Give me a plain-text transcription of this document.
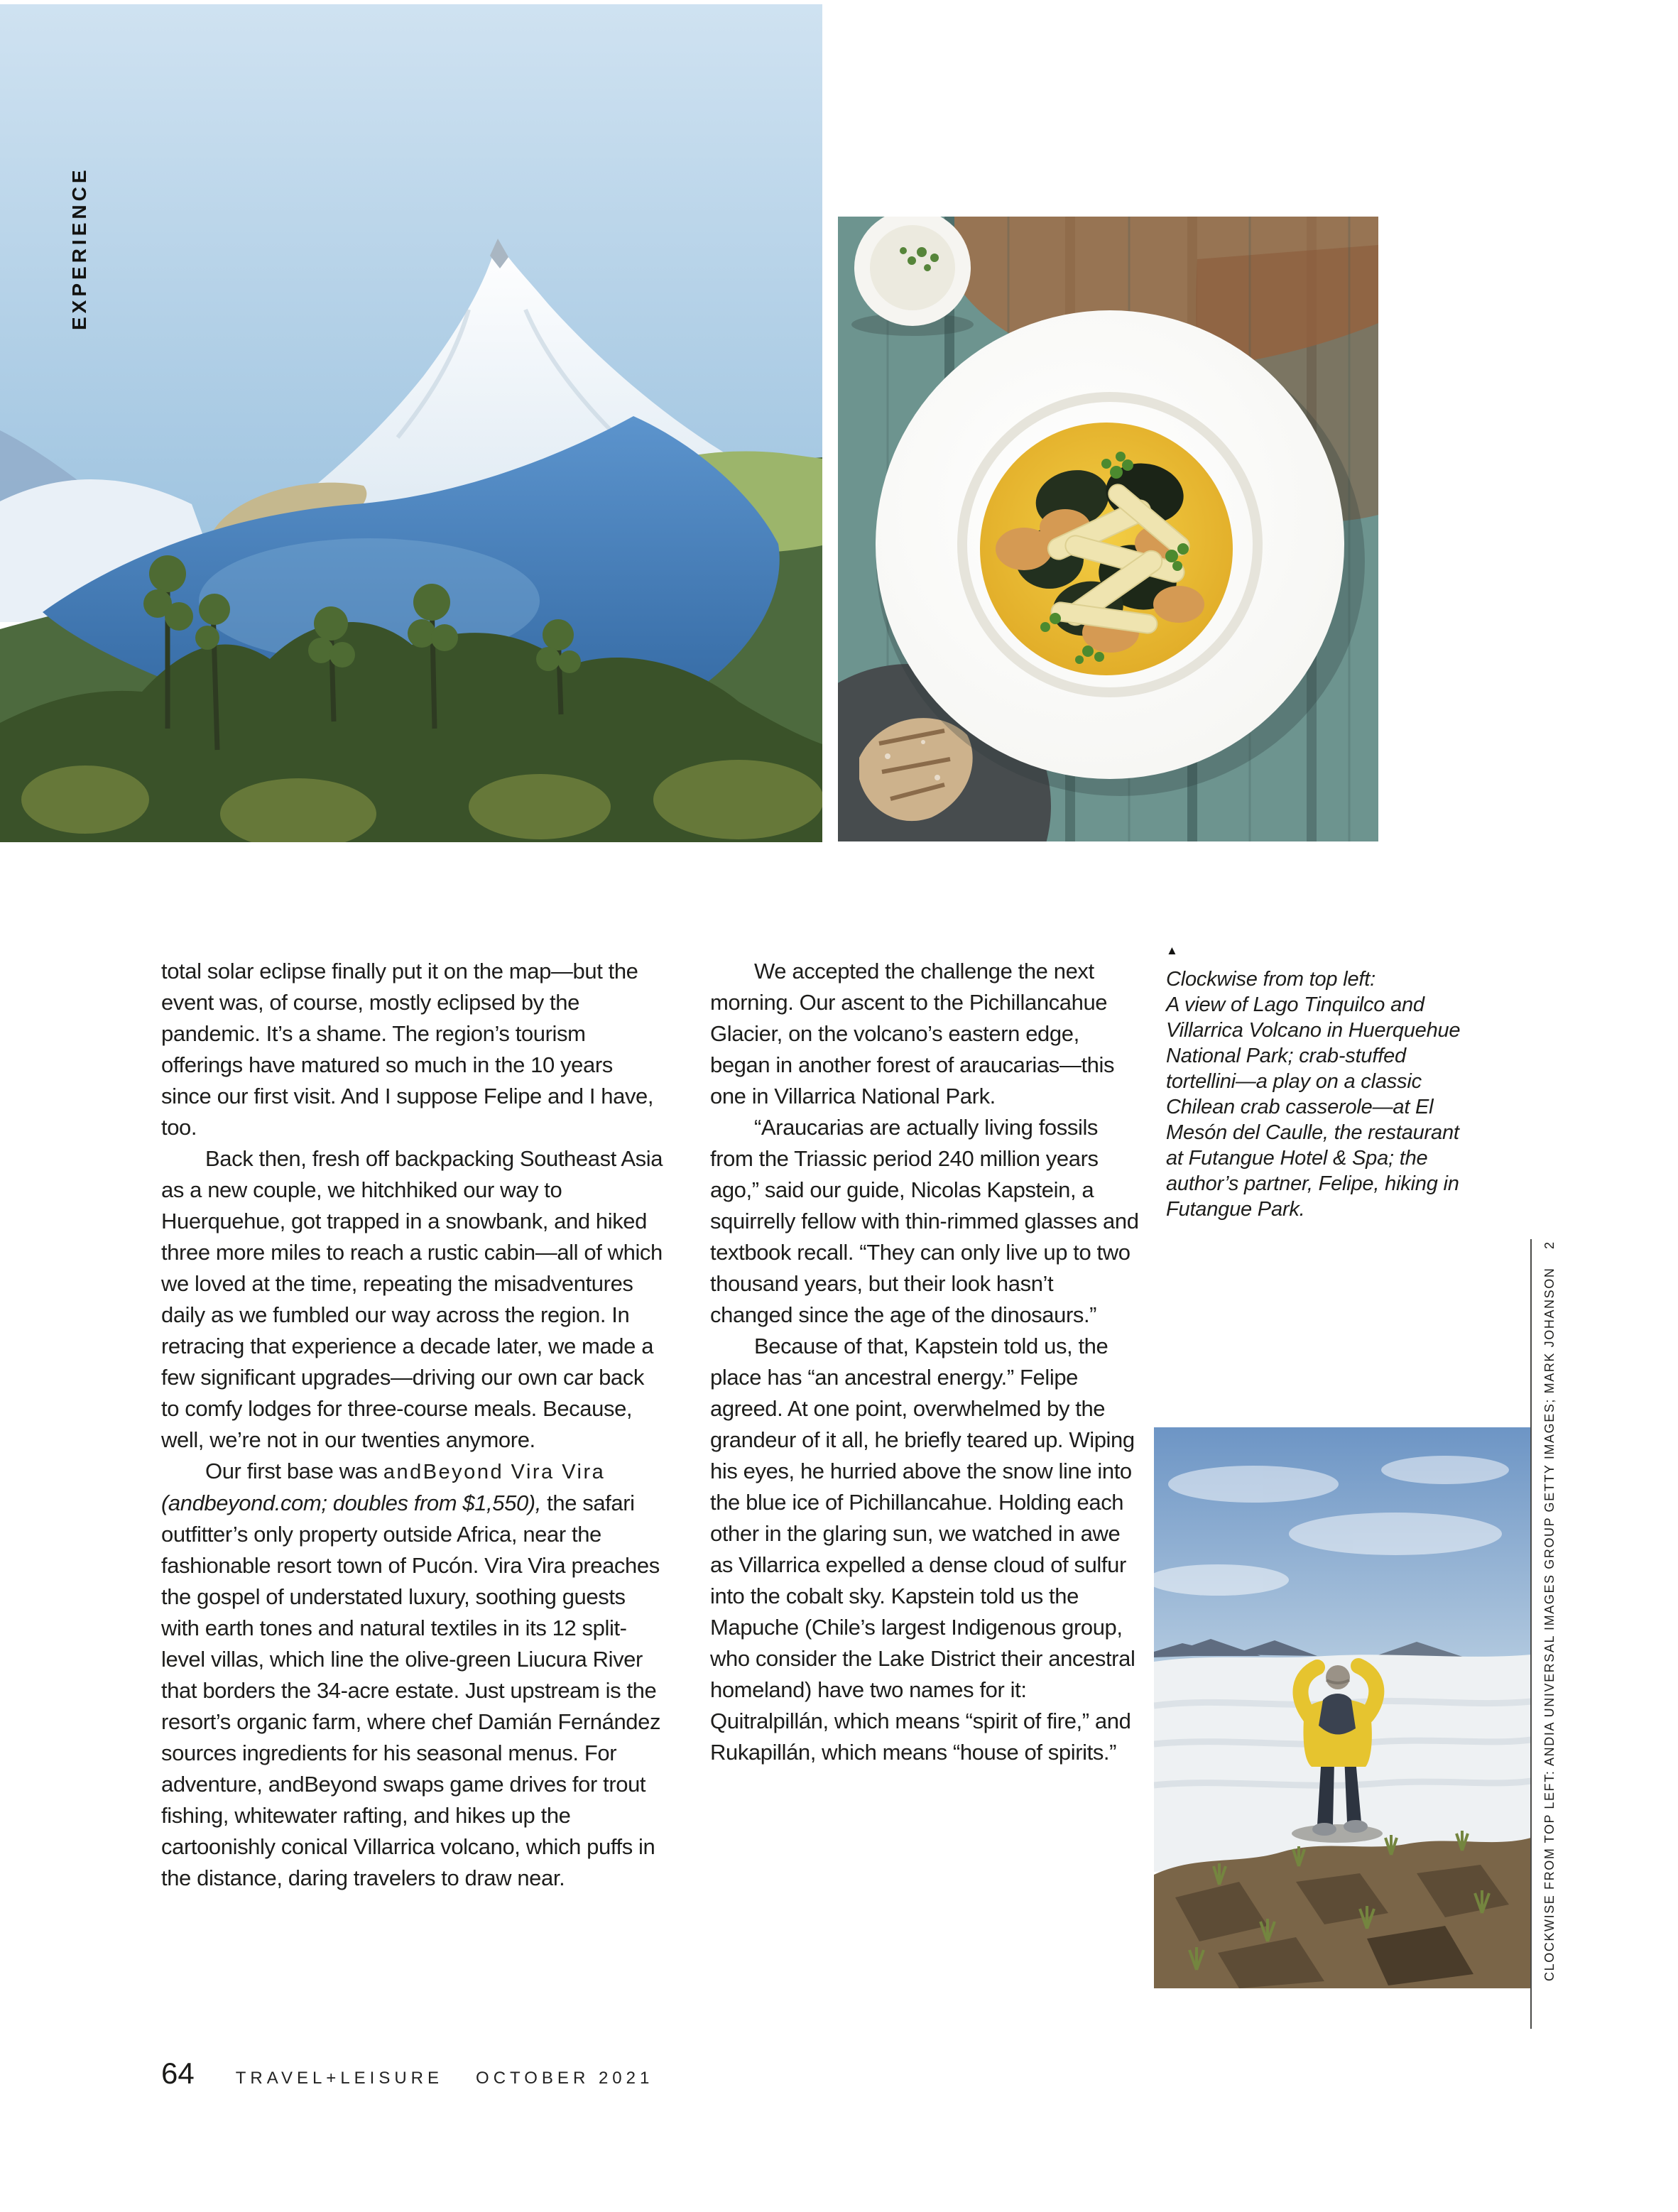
EXPERIENCE

total solar eclipse finally put it on the map—but the event was, of course, mostly eclipsed by the pandemic. It’s a shame. The region’s tourism offerings have matured so much in the 10 years since our first visit. And I suppose Felipe and I have, too.

Back then, fresh off backpacking Southeast Asia as a new couple, we hitchhiked our way to Huerquehue, got trapped in a snowbank, and hiked three more miles to reach a rustic cabin—all of which we loved at the time, repeating the misadventures daily as we fumbled our way across the region. In retracing that experience a decade later, we made a few significant upgrades—driving our own car back to comfy lodges for three-course meals. Because, well, we’re not in our twenties anymore.

Our first base was andBeyond Vira Vira (andbeyond.com; doubles from $1,550), the safari outfitter’s only property outside Africa, near the fashionable resort town of Pucón. Vira Vira preaches the gospel of understated luxury, soothing guests with earth tones and natural textiles in its 12 split-level villas, which line the olive-green Liucura River that borders the 34-acre estate. Just upstream is the resort’s organic farm, where chef Damián Fernández sources ingredients for his seasonal menus. For adventure, andBeyond swaps game drives for trout fishing, whitewater rafting, and hikes up the cartoonishly conical Villarrica volcano, which puffs in the distance, daring travelers to draw near.

We accepted the challenge the next morning. Our ascent to the Pichillancahue Glacier, on the volcano’s eastern edge, began in another forest of araucarias—this one in Villarrica National Park.

“Araucarias are actually living fossils from the Triassic period 240 million years ago,” said our guide, Nicolas Kapstein, a squirrelly fellow with thin-rimmed glasses and textbook recall. “They can only live up to two thousand years, but their look hasn’t changed since the age of the dinosaurs.”

Because of that, Kapstein told us, the place has “an ancestral energy.” Felipe agreed. At one point, overwhelmed by the grandeur of it all, he briefly teared up. Wiping his eyes, he hurried above the snow line into the blue ice of Pichillancahue. Holding each other in the glaring sun, we watched in awe as Villarrica expelled a dense cloud of sulfur into the cobalt sky. Kapstein told us the Mapuche (Chile’s largest Indigenous group, who consider the Lake District their ancestral homeland) have two names for it: Quitralpillán, which means “spirit of fire,” and Rukapillán, which means “house of spirits.”

▲

Clockwise from top left:
A view of Lago Tinquilco and Villarrica Volcano in Huerquehue National Park; crab-stuffed tortellini—a play on a classic Chilean crab casserole—at El Mesón del Caulle, the restaurant at Futangue Hotel & Spa; the author’s partner, Felipe, hiking in Futangue Park.

CLOCKWISE FROM TOP LEFT: ANDIA UNIVERSAL IMAGES GROUP GETTY IMAGES; MARK JOHANSON2
64 TRAVEL+LEISURE OCTOBER 2021
